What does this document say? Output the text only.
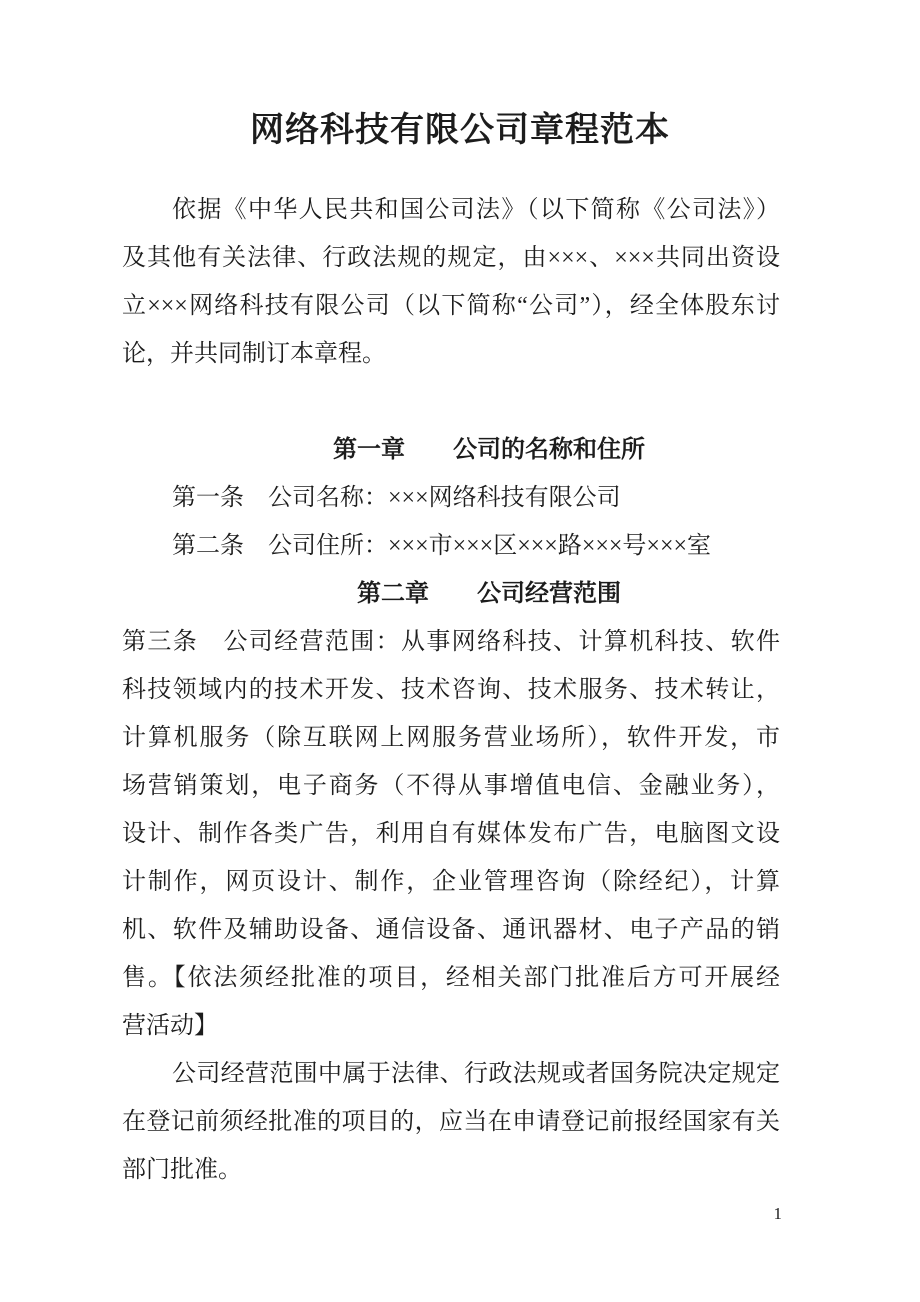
网络科技有限公司章程范本
依据《中华人民共和国公司法》（以下简称《公司法》）
及其他有关法律、行政法规的规定，由×××、×××共同出资设
立×××网络科技有限公司（以下简称“公司”），经全体股东讨
论，并共同制订本章程。
第一章　　公司的名称和住所
第一条　公司名称：×××网络科技有限公司
第二条　公司住所：×××市×××区×××路×××号×××室
第二章　　公司经营范围
第三条　公司经营范围：从事网络科技、计算机科技、软件
科技领域内的技术开发、技术咨询、技术服务、技术转让，
计算机服务（除互联网上网服务营业场所），软件开发，市
场营销策划，电子商务（不得从事增值电信、金融业务），
设计、制作各类广告，利用自有媒体发布广告，电脑图文设
计制作，网页设计、制作，企业管理咨询（除经纪），计算
机、软件及辅助设备、通信设备、通讯器材、电子产品的销
售。【依法须经批准的项目，经相关部门批准后方可开展经
营活动】
公司经营范围中属于法律、行政法规或者国务院决定规定
在登记前须经批准的项目的，应当在申请登记前报经国家有关
部门批准。
1
